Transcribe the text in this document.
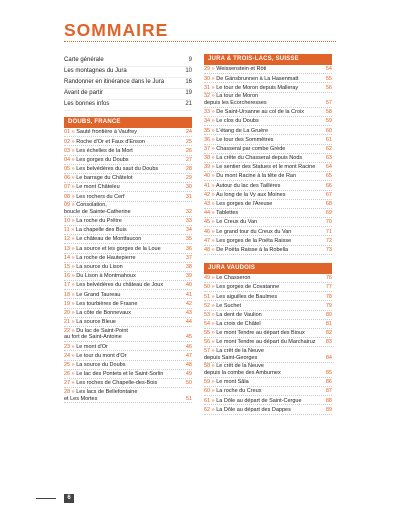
SOMMAIRE
Carte générale	9
Les montagnes du Jura	10
Randonner en itinérance dans le Jura	16
Avant de partir	19
Les bonnes infos	21
DOUBS, FRANCE
01 » Sauté frontière à Vaufrey	24
02 » Roche d'Or et Faux d'Enson	25
03 » Les échelles de la Mort	26
04 » Les gorges du Doubs	27
05 » Les belvédères du saut du Doubs	28
06 » Le barrage du Châtelot	29
07 » Le mont Châteleu	30
08 » Les rochers du Cerf	31
09 » Consolation,
boucle de Sainte-Catherine	32
10 » La roche du Prêtre	33
11 » La chapelle des Buis	34
12 » Le château de Montfaucon	35
13 » La source et les gorges de la Loue	36
14 » La roche de Hautepierre	37
15 » La source du Lison	38
16 » Du Lison à Montmahoux	39
17 » Les belvédères du château de Joux	40
18 » Le Grand Taureau	41
19 » Les tourbières de Frasne	42
20 » La côte de Bonnevaux	43
21 » La source Bleue	44
22 » Du lac de Saint-Point
au fort de Saint-Antoine	45
23 » Le mont d'Or	46
24 » Le tour du mont d'Or	47
25 » La source du Doubs	48
26 » Le lac des Pontets et le Saint-Sorlin	49
27 » Les roches de Chapelle-des-Bois	50
28 » Les lacs de Bellefontaine
et Les Mortes	51
JURA & TROIS-LACS, SUISSE
29 » Weissenstein et Röti	54
30 » De Gänsbrunnen à La Hasenmatt	55
31 » Le tour de Moron depuis Malleray	56
32 » La tour de Moron
depuis les Ecorcheresses	57
33 » De Saint-Ursanne au col de la Croix	58
34 » Le clos du Doubs	59
35 » L'étang de La Gruère	60
36 » Le tour des Sommêtres	61
37 » Chasseral par combe Grède	62
38 » La crête du Chasseral depuis Nods	63
39 » Le sentier des Statues et le mont Racine	64
40 » Du mont Racine à la tête de Ran	65
41 » Autour du lac des Taillères	66
42 » Au long de la Vy aux Moines	67
43 » Les gorges de l'Areuse	68
44 » Tablettes	69
45 » Le Creux du Van	70
46 » Le grand tour du Creux du Van	71
47 » Les gorges de la Poëta Raisse	72
48 » De Poëta Raisse à la Robella	73
JURA VAUDOIS
49 » Le Chasseron	76
50 » Les gorges de Covatanne	77
51 » Les aiguilles de Baulmes	78
52 » Le Suchet	79
53 » La dent de Vaulion	80
54 » La croix de Châtel	81
55 » Le mont Tendre au départ des Bioux	82
56 » Le mont Tendre au départ du Marchairuz	83
57 » La crêt de la Neuve
depuis Saint-Georges	84
58 » Le crêt de la Neuve
depuis la combe des Amburnex	85
59 » Le mont Sâla	86
60 » La roche du Creux	87
61 » La Dôle au départ de Saint-Cergue	88
62 » La Dôle au départ des Dappes	89
6
